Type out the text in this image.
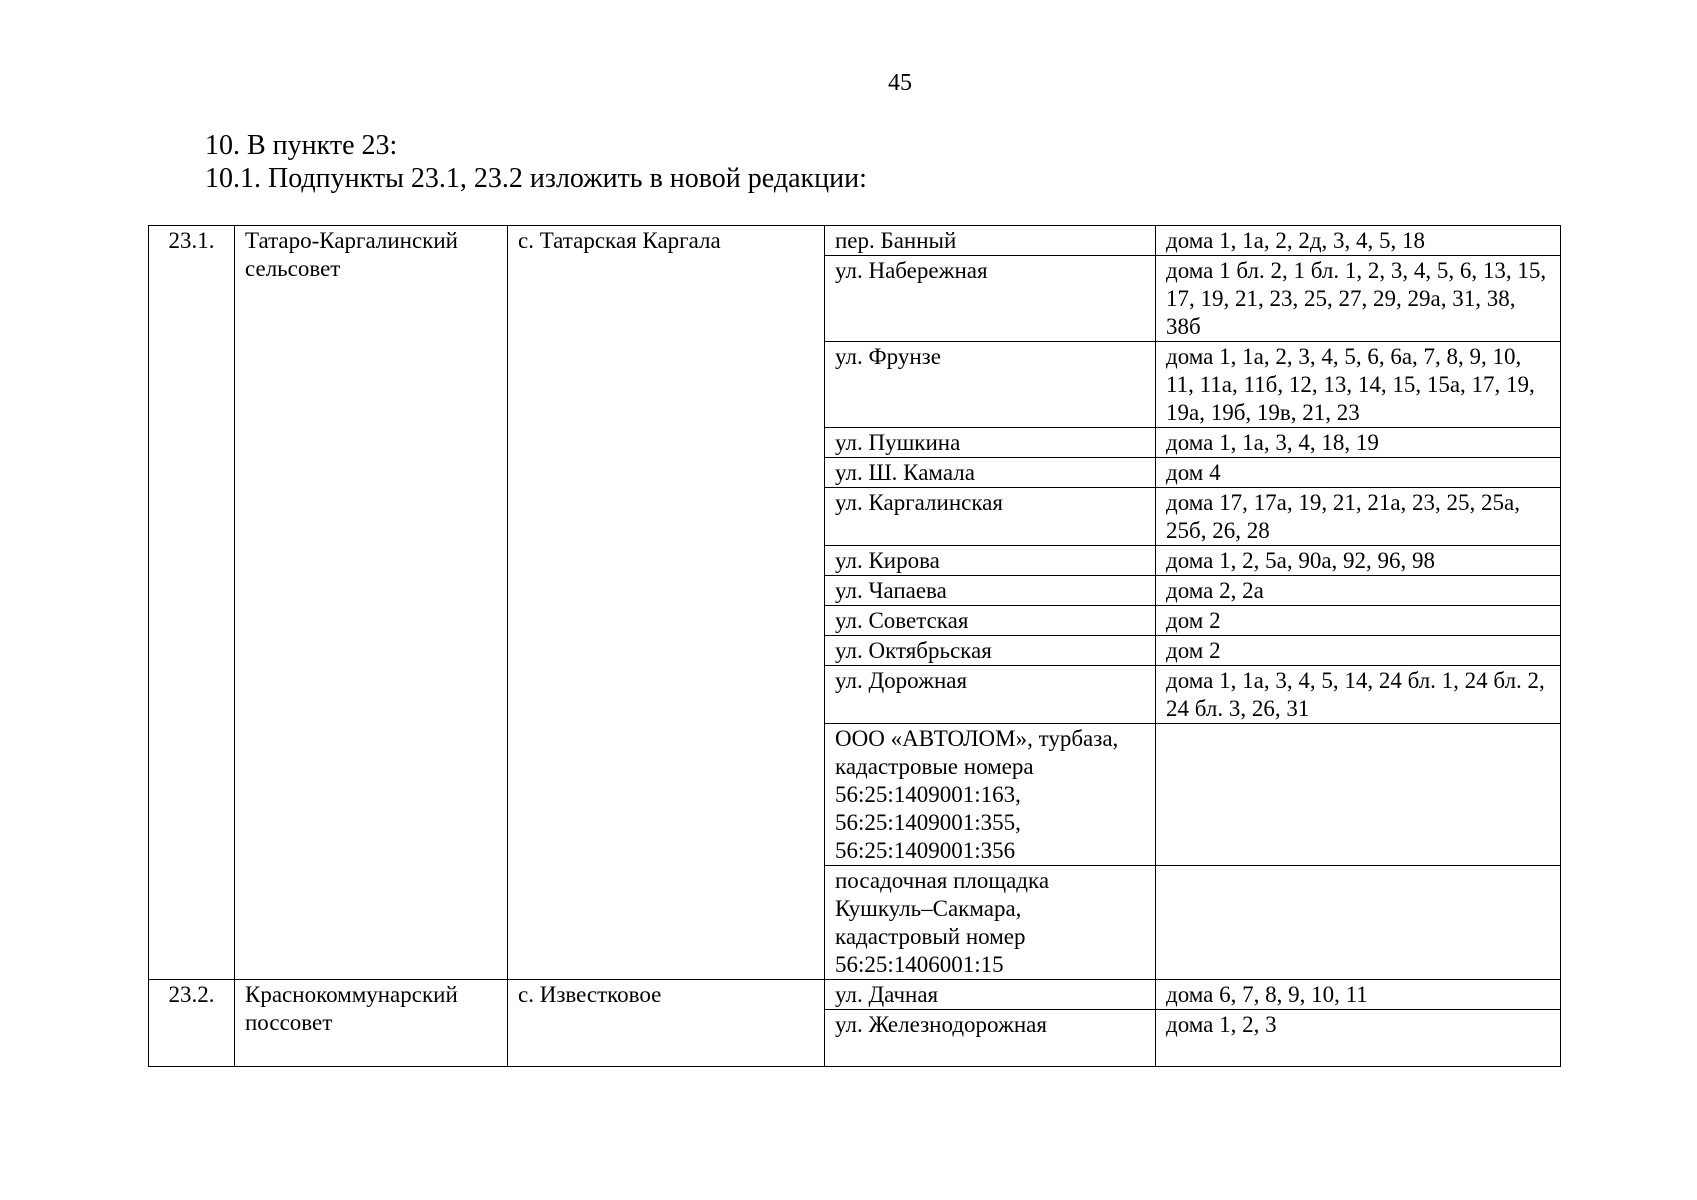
45
10. В пункте 23:
10.1. Подпункты 23.1, 23.2 изложить в новой редакции:
23.1.	Татаро-Каргалинский сельсовет	с. Татарская Каргала	пер. Банный	дома 1, 1а, 2, 2д, 3, 4, 5, 18
			ул. Набережная	дома 1 бл. 2, 1 бл. 1, 2, 3, 4, 5, 6, 13, 15, 17, 19, 21, 23, 25, 27, 29, 29а, 31, 38, 38б
			ул. Фрунзе	дома 1, 1а, 2, 3, 4, 5, 6, 6а, 7, 8, 9, 10, 11, 11а, 11б, 12, 13, 14, 15, 15а, 17, 19, 19а, 19б, 19в, 21, 23
			ул. Пушкина	дома 1, 1а, 3, 4, 18, 19
			ул. Ш. Камала	дом 4
			ул. Каргалинская	дома 17, 17а, 19, 21, 21а, 23, 25, 25а, 25б, 26, 28
			ул. Кирова	дома 1, 2, 5а, 90а, 92, 96, 98
			ул. Чапаева	дома 2, 2а
			ул. Советская	дом 2
			ул. Октябрьская	дом 2
			ул. Дорожная	дома 1, 1а, 3, 4, 5, 14, 24 бл. 1, 24 бл. 2, 24 бл. 3, 26, 31
			ООО «АВТОЛОМ», турбаза, кадастровые номера 56:25:1409001:163, 56:25:1409001:355, 56:25:1409001:356	
			посадочная площадка Кушкуль–Сакмара, кадастровый номер 56:25:1406001:15	
23.2.	Краснокоммунарский поссовет	с. Известковое	ул. Дачная	дома 6, 7, 8, 9, 10, 11
			ул. Железнодорожная	дома 1, 2, 3
